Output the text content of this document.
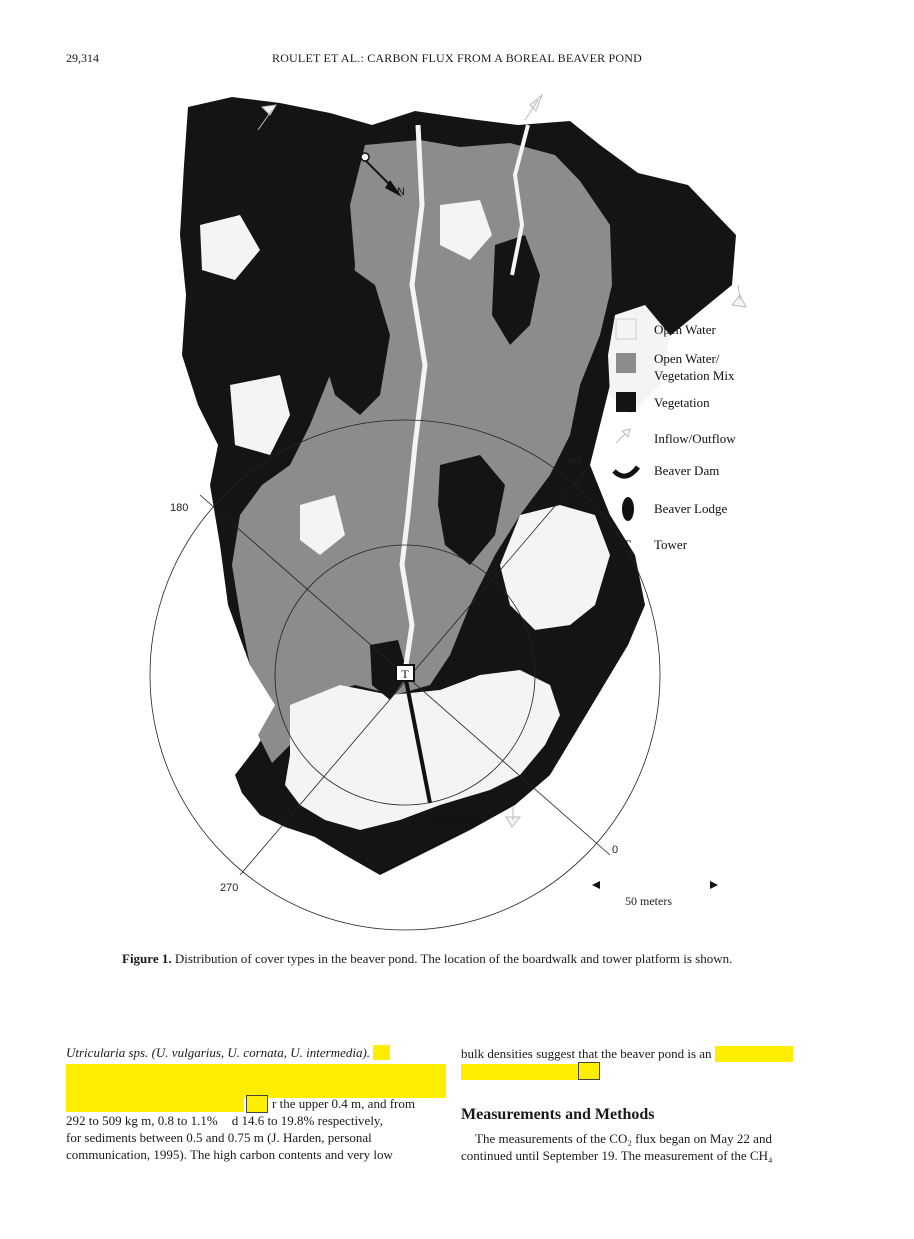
29,314	ROULET ET AL.: CARBON FLUX FROM A BOREAL BEAVER POND
T
N
180
90
270
0
boardwalk
50 meters
Open Water
Open Water/
Vegetation Mix
Vegetation
Inflow/Outflow
Beaver Dam
Beaver Lodge
T Tower
Figure 1. Distribution of cover types in the beaver pond. The location of the boardwalk and tower platform is shown.

Utricularia sps. (U. vulgarius, U. cornata, U. intermedia).

r the upper 0.4 m, and from
292 to 509 kg m, 0.8 to 1.1% d 14.6 to 19.8% respectively,
for sediments between 0.5 and 0.75 m (J. Harden, personal
communication, 1995). The high carbon contents and very low
bulk densities suggest that the beaver pond is an
Measurements and Methods
The measurements of the CO₂ flux began on May 22 and
continued until September 19. The measurement of the CH₄
